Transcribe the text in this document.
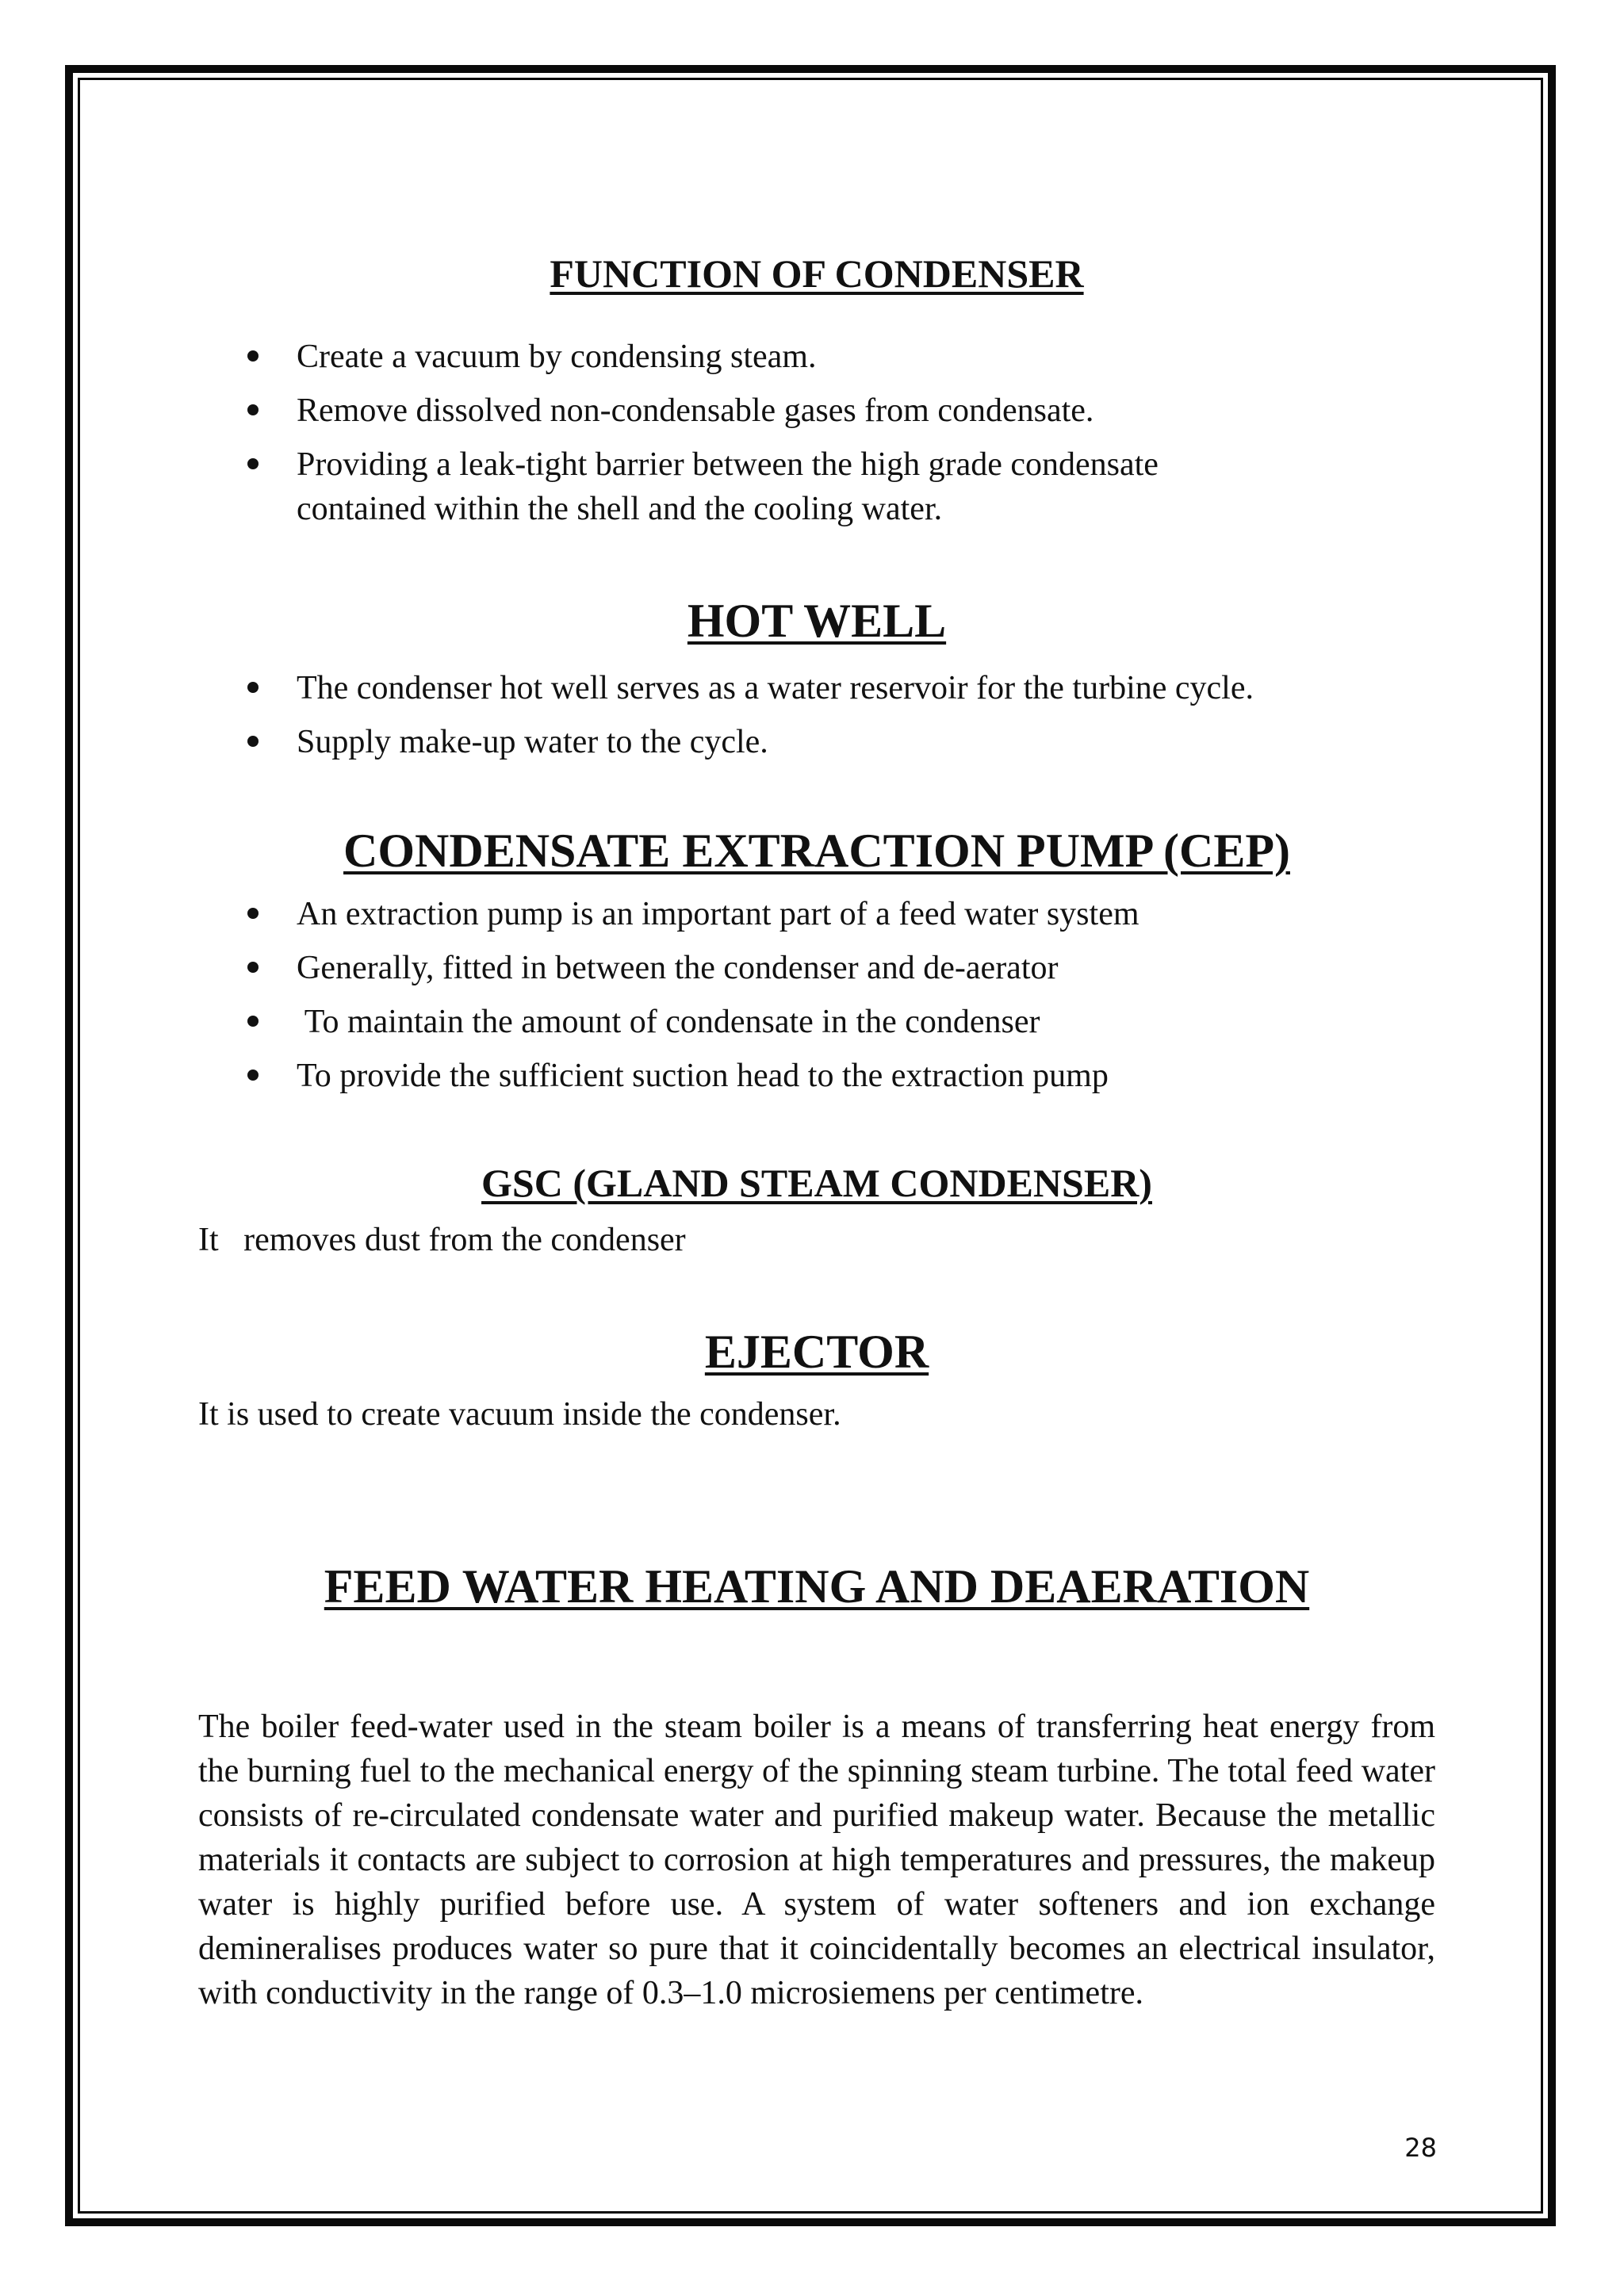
FUNCTION OF CONDENSER
Create a vacuum by condensing steam.
Remove dissolved non-condensable gases from condensate.
Providing a leak-tight barrier between the high grade condensate contained within the shell and the cooling water.
HOT WELL
The condenser hot well serves as a water reservoir for the turbine cycle.
Supply make-up water to the cycle.
CONDENSATE EXTRACTION PUMP (CEP)
An extraction pump is an important part of a feed water system
Generally, fitted in between the condenser and de-aerator
To maintain the amount of condensate in the condenser
To provide the sufficient suction head to the extraction pump
GSC (GLAND STEAM CONDENSER)

It   removes dust from the condenser

EJECTOR

It is used to create vacuum inside the condenser.

FEED WATER HEATING AND DEAERATION

The boiler feed-water used in the steam boiler is a means of transferring heat energy from the burning fuel to the mechanical energy of the spinning steam turbine. The total feed water consists of re-circulated condensate water and purified makeup water. Because the metallic materials it contacts are subject to corrosion at high temperatures and pressures, the makeup water is highly purified before use. A system of water softeners and ion exchange demineralises produces water so pure that it coincidentally becomes an electrical insulator, with conductivity in the range of 0.3–1.0 microsiemens per centimetre.

28
